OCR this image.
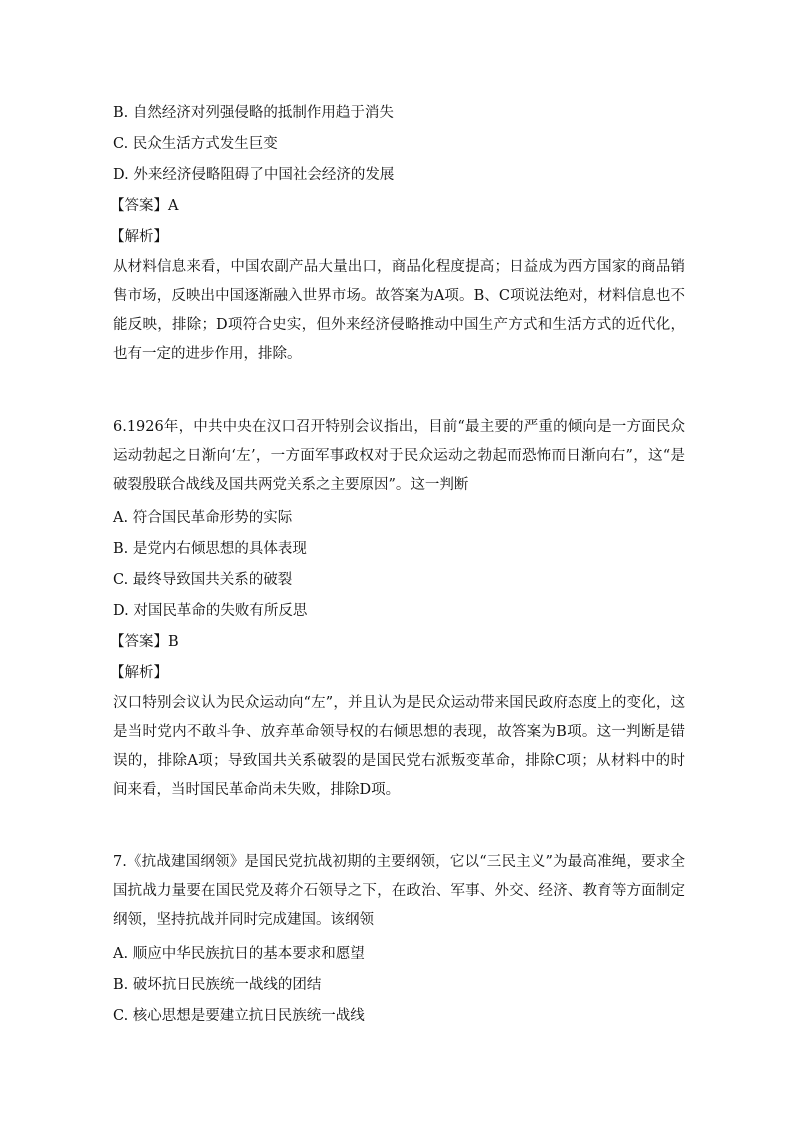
B. 自然经济对列强侵略的抵制作用趋于消失
C. 民众生活方式发生巨变
D. 外来经济侵略阻碍了中国社会经济的发展
【答案】A
【解析】
从材料信息来看，中国农副产品大量出口，商品化程度提高；日益成为西方国家的商品销售市场，反映出中国逐渐融入世界市场。故答案为A项。B、C项说法绝对，材料信息也不能反映，排除；D项符合史实，但外来经济侵略推动中国生产方式和生活方式的近代化，也有一定的进步作用，排除。
6.1926年，中共中央在汉口召开特别会议指出，目前“最主要的严重的倾向是一方面民众运动勃起之日渐向‘左’，一方面军事政权对于民众运动之勃起而恐怖而日渐向右”，这“是破裂殷联合战线及国共两党关系之主要原因”。这一判断
A. 符合国民革命形势的实际
B. 是党内右倾思想的具体表现
C. 最终导致国共关系的破裂
D. 对国民革命的失败有所反思
【答案】B
【解析】
汉口特别会议认为民众运动向“左”，并且认为是民众运动带来国民政府态度上的变化，这是当时党内不敢斗争、放弃革命领导权的右倾思想的表现，故答案为B项。这一判断是错误的，排除A项；导致国共关系破裂的是国民党右派叛变革命，排除C项；从材料中的时间来看，当时国民革命尚未失败，排除D项。
7.《抗战建国纲领》是国民党抗战初期的主要纲领，它以“三民主义”为最高准绳，要求全国抗战力量要在国民党及蒋介石领导之下，在政治、军事、外交、经济、教育等方面制定纲领，坚持抗战并同时完成建国。该纲领
A. 顺应中华民族抗日的基本要求和愿望
B. 破坏抗日民族统一战线的团结
C. 核心思想是要建立抗日民族统一战线
